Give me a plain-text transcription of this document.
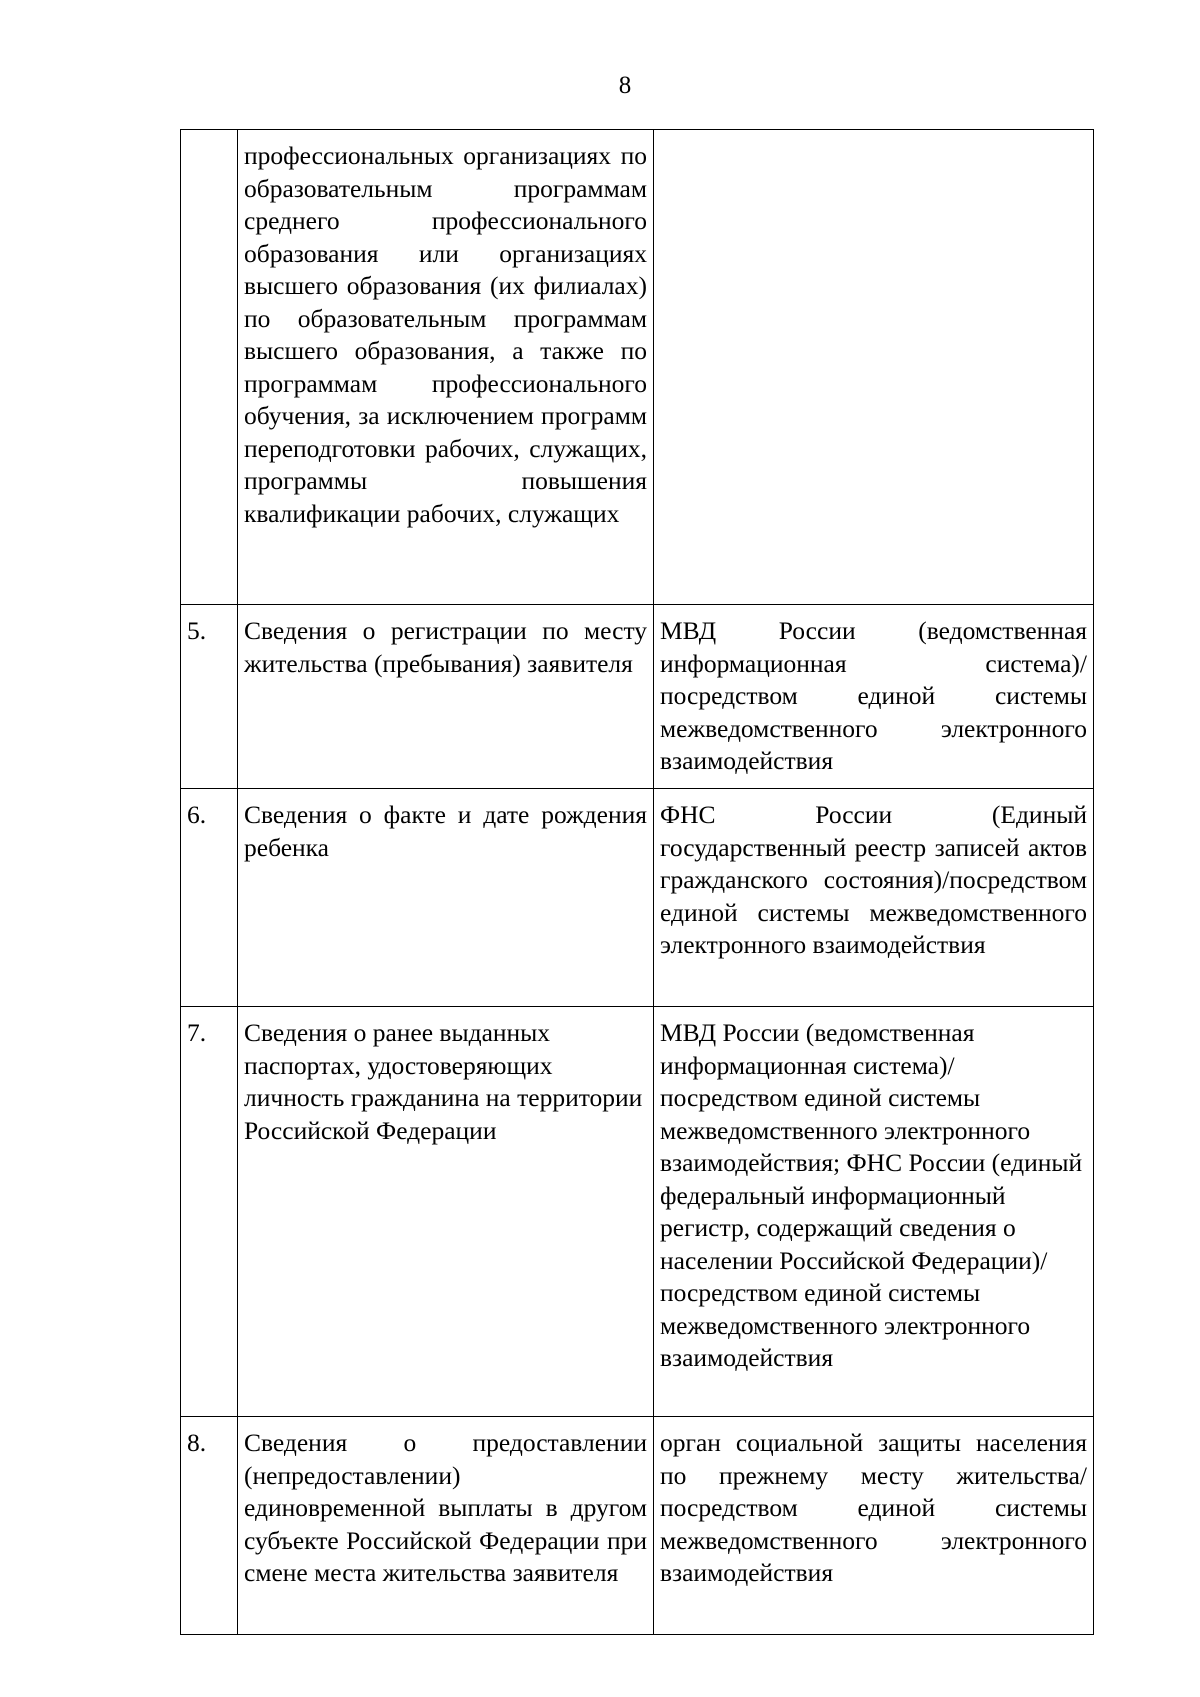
8
	профессиональных организациях по образовательным программам среднего профессионального образования или организациях высшего образования (их филиалах) по образовательным программам высшего образования, а также по программам профессионального обучения, за исключением программ переподготовки рабочих, служащих, программы повышения квалификации рабочих, служащих	
5.	Сведения о регистрации по месту жительства (пребывания) заявителя	МВД России (ведомственная информационная система)/посредством единой системы межведомственного электронного взаимодействия
6.	Сведения о факте и дате рождения ребенка	ФНС России (Единый государственный реестр записей актов гражданского состояния)/посредством единой системы межведомственного электронного взаимодействия
7.	Сведения о ранее выданных паспортах, удостоверяющих личность гражданина на территории Российской Федерации	МВД России (ведомственная информационная система)/посредством единой системы межведомственного электронного взаимодействия; ФНС России (единый федеральный информационный регистр, содержащий сведения о населении Российской Федерации)/посредством единой системы межведомственного электронного взаимодействия
8.	Сведения о предоставлении (непредоставлении) единовременной выплаты в другом субъекте Российской Федерации при смене места жительства заявителя	орган социальной защиты населения по прежнему месту жительства/посредством единой системы межведомственного электронного взаимодействия
